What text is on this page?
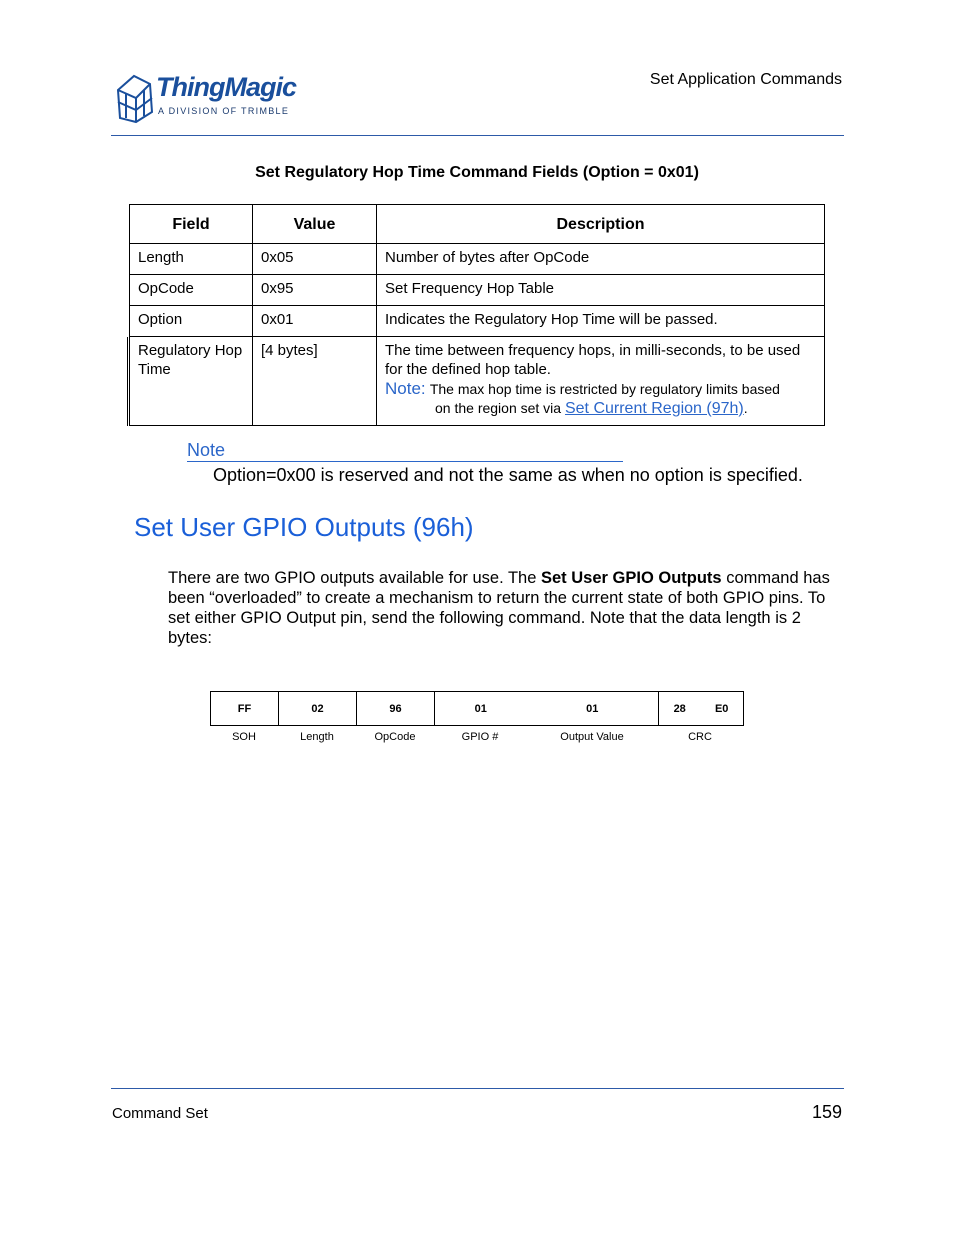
ThingMagic
A DIVISION OF TRIMBLE
Set Application Commands
Set Regulatory Hop Time Command Fields (Option = 0x01)
Field	Value	Description
Length	0x05	Number of bytes after OpCode
OpCode	0x95	Set Frequency Hop Table
Option	0x01	Indicates the Regulatory Hop Time will be passed.
Regulatory Hop Time	[4 bytes]	The time between frequency hops, in milli-seconds, to be used for the defined hop table.
Note: The max hop time is restricted by regulatory limits based
on the region set via Set Current Region (97h).
Note
Option=0x00 is reserved and not the same as when no option is specified.
Set User GPIO Outputs (96h)
There are two GPIO outputs available for use. The Set User GPIO Outputs command has been “overloaded” to create a mechanism to return the current state of both GPIO pins. To set either GPIO Output pin, send the following command. Note that the data length is 2 bytes:
FF	02	96	01	01	28	E0
SOH	Length	OpCode	GPIO #	Output Value	CRC
Command Set	159
